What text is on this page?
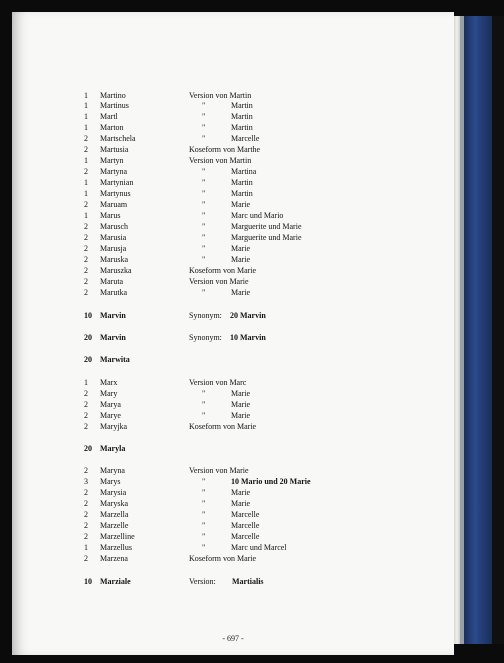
1 Martino	Version von Martin
1 Martinus	"	Martin
1 Martl	"	Martin
1 Marton	"	Martin
2 Martschela	"	Marcelle
2 Martusia	Koseform von Marthe
1 Martyn	Version von Martin
2 Martyna	"	Martina
1 Martynian	"	Martin
1 Martynus	"	Martin
2 Maruam	"	Marie
1 Marus	"	Marc und Mario
2 Marusch	"	Marguerite und Marie
2 Marusia	"	Marguerite und Marie
2 Marusja	"	Marie
2 Maruska	"	Marie
2 Maruszka	Koseform von Marie
2 Maruta	Version von Marie
2 Marutka	"	Marie
10 Marvin	Synonym: 20 Marvin
20 Marvin	Synonym: 10 Marvin
20 Marwita
1 Marx	Version von Marc
2 Mary	"	Marie
2 Marya	"	Marie
2 Marye	"	Marie
2 Maryjka	Koseform von Marie
20 Maryla
2 Maryna	Version von Marie
3 Marys	"	10 Mario und 20 Marie
2 Marysia	"	Marie
2 Maryska	"	Marie
2 Marzella	"	Marcelle
2 Marzelle	"	Marcelle
2 Marzelline	"	Marcelle
1 Marzellus	"	Marc und Marcel
2 Marzena	Koseform von Marie
10 Marziale	Version: Martialis
- 697 -
